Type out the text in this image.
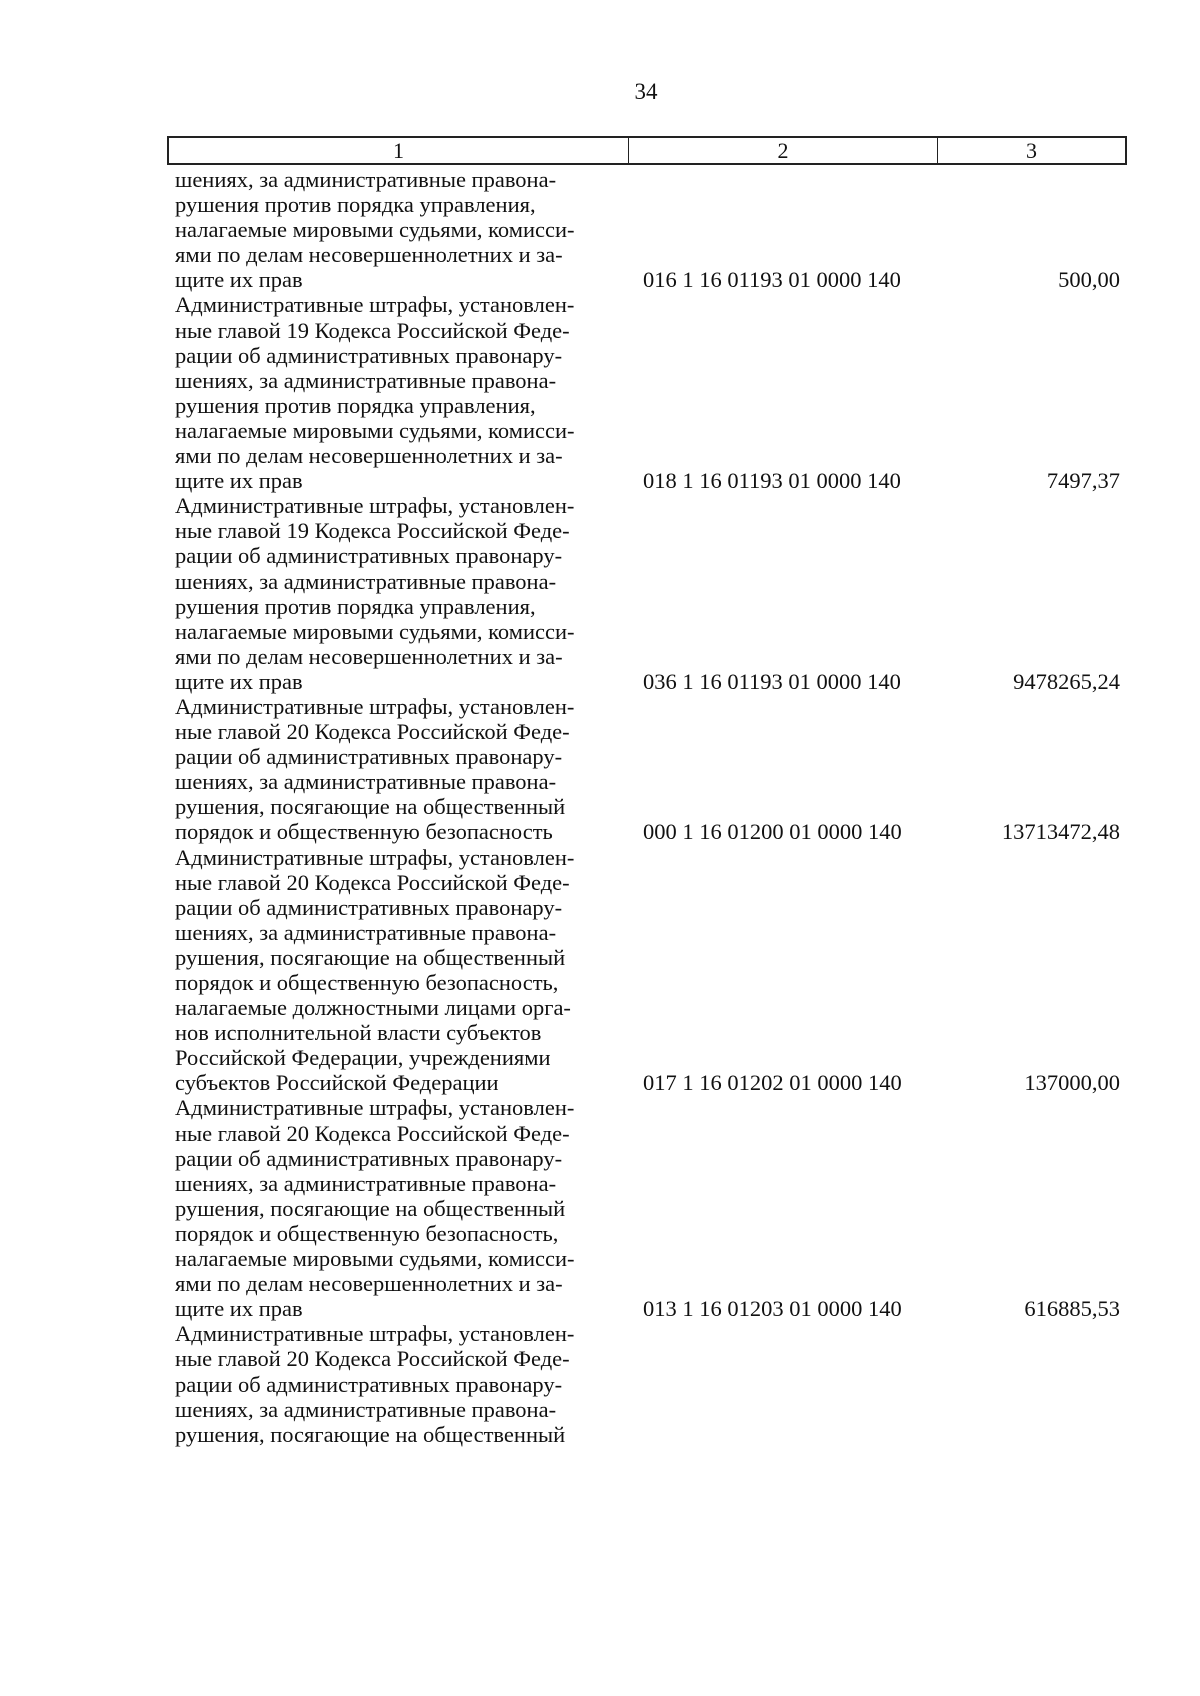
34
1	2	3
шениях, за административные правона-
рушения против порядка управления,
налагаемые мировыми судьями, комисси-
ями по делам несовершеннолетних и за-
щите их прав	016 1 16 01193 01 0000 140	500,00
Административные штрафы, установлен-
ные главой 19 Кодекса Российской Феде-
рации об административных правонару-
шениях, за административные правона-
рушения против порядка управления,
налагаемые мировыми судьями, комисси-
ями по делам несовершеннолетних и за-
щите их прав	018 1 16 01193 01 0000 140	7497,37
Административные штрафы, установлен-
ные главой 19 Кодекса Российской Феде-
рации об административных правонару-
шениях, за административные правона-
рушения против порядка управления,
налагаемые мировыми судьями, комисси-
ями по делам несовершеннолетних и за-
щите их прав	036 1 16 01193 01 0000 140	9478265,24
Административные штрафы, установлен-
ные главой 20 Кодекса Российской Феде-
рации об административных правонару-
шениях, за административные правона-
рушения, посягающие на общественный
порядок и общественную безопасность	000 1 16 01200 01 0000 140	13713472,48
Административные штрафы, установлен-
ные главой 20 Кодекса Российской Феде-
рации об административных правонару-
шениях, за административные правона-
рушения, посягающие на общественный
порядок и общественную безопасность,
налагаемые должностными лицами орга-
нов исполнительной власти субъектов
Российской Федерации, учреждениями
субъектов Российской Федерации	017 1 16 01202 01 0000 140	137000,00
Административные штрафы, установлен-
ные главой 20 Кодекса Российской Феде-
рации об административных правонару-
шениях, за административные правона-
рушения, посягающие на общественный
порядок и общественную безопасность,
налагаемые мировыми судьями, комисси-
ями по делам несовершеннолетних и за-
щите их прав	013 1 16 01203 01 0000 140	616885,53
Административные штрафы, установлен-
ные главой 20 Кодекса Российской Феде-
рации об административных правонару-
шениях, за административные правона-
рушения, посягающие на общественный
